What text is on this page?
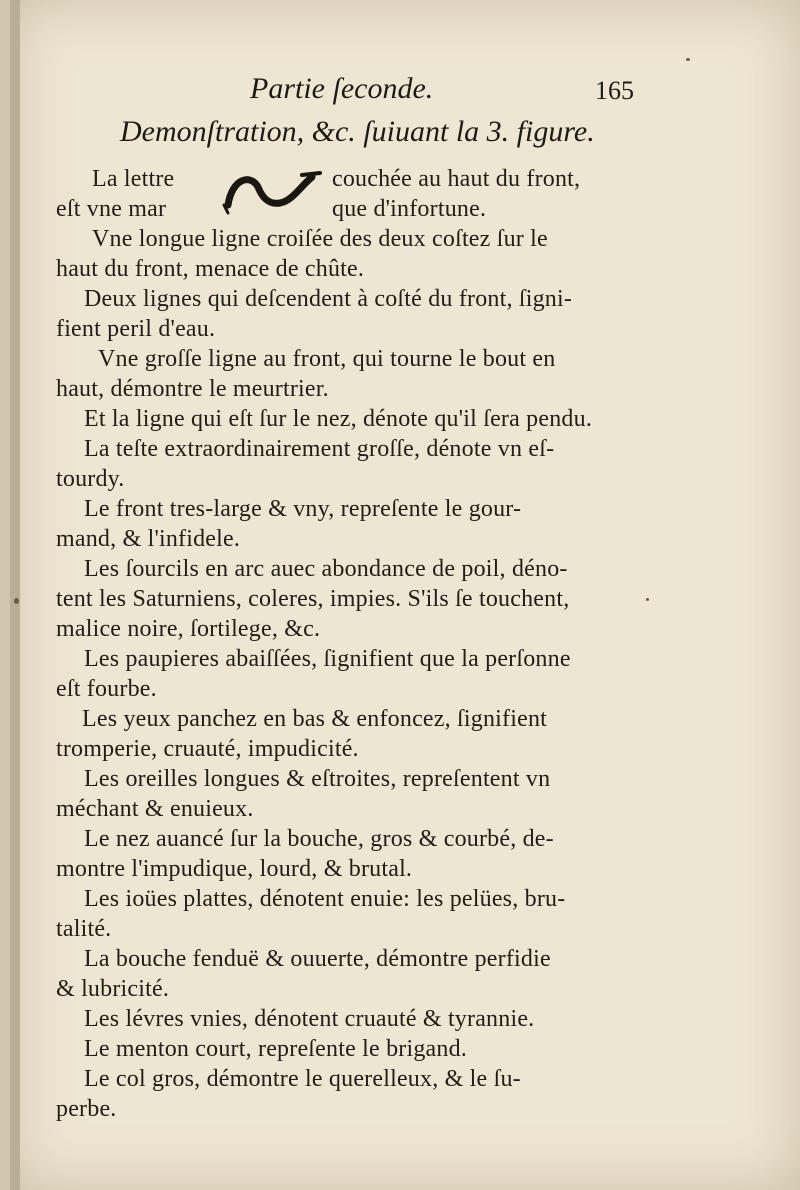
Partie ſeconde.	165
Demonſtration, &c. ſuiuant la 3. figure.
La lettre
eſt vne mar
couchée au haut du front,
que d'infortune.
Vne longue ligne croiſée des deux coſtez ſur le
haut du front, menace de chûte.
Deux lignes qui deſcendent à coſté du front, ſigni-
fient peril d'eau.
Vne groſſe ligne au front, qui tourne le bout en
haut, démontre le meurtrier.
Et la ligne qui eſt ſur le nez, dénote qu'il ſera pendu.
La teſte extraordinairement groſſe, dénote vn eſ-
tourdy.
Le front tres-large & vny, repreſente le gour-
mand, & l'infidele.
Les ſourcils en arc auec abondance de poil, déno-
tent les Saturniens, coleres, impies. S'ils ſe touchent,
malice noire, ſortilege, &c.
Les paupieres abaiſſées, ſignifient que la perſonne
eſt fourbe.
Les yeux panchez en bas & enfoncez, ſignifient
tromperie, cruauté, impudicité.
Les oreilles longues & eſtroites, repreſentent vn
méchant & enuieux.
Le nez auancé ſur la bouche, gros & courbé, de-
montre l'impudique, lourd, & brutal.
Les ioües plattes, dénotent enuie: les pelües, bru-
talité.
La bouche fenduë & ouuerte, démontre perfidie
& lubricité.
Les lévres vnies, dénotent cruauté & tyrannie.
Le menton court, repreſente le brigand.
Le col gros, démontre le querelleux, & le ſu-
perbe.
